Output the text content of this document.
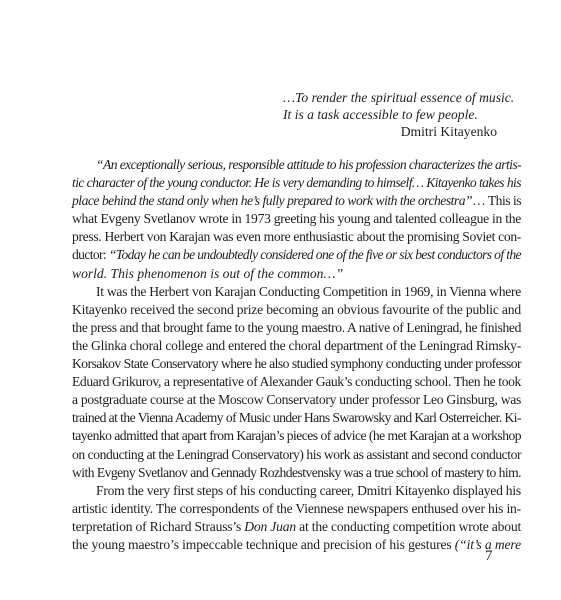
…To render the spiritual essence of music.
It is a task accessible to few people.
Dmitri Kitayenko
“An exceptionally serious, responsible attitude to his profession characterizes the artis-
tic character of the young conductor. He is very demanding to himself… Kitayenko takes his
place behind the stand only when he’s fully prepared to work with the orchestra”… This is
what Evgeny Svetlanov wrote in 1973 greeting his young and talented colleague in the
press. Herbert von Karajan was even more enthusiastic about the promising Soviet con-
ductor: “Today he can be undoubtedly considered one of the five or six best conductors of the
world. This phenomenon is out of the common…”
It was the Herbert von Karajan Conducting Competition in 1969, in Vienna where
Kitayenko received the second prize becoming an obvious favourite of the public and
the press and that brought fame to the young maestro. A native of Leningrad, he finished
the Glinka choral college and entered the choral department of the Leningrad Rimsky-
Korsakov State Conservatory where he also studied symphony conducting under professor
Eduard Grikurov, a representative of Alexander Gauk’s conducting school. Then he took
a postgraduate course at the Moscow Conservatory under professor Leo Ginsburg, was
trained at the Vienna Academy of Music under Hans Swarowsky and Karl Osterreicher. Ki-
tayenko admitted that apart from Karajan’s pieces of advice (he met Karajan at a workshop
on conducting at the Leningrad Conservatory) his work as assistant and second conductor
with Evgeny Svetlanov and Gennady Rozhdestvensky was a true school of mastery to him.
From the very first steps of his conducting career, Dmitri Kitayenko displayed his
artistic identity. The correspondents of the Viennese newspapers enthused over his in-
terpretation of Richard Strauss’s Don Juan at the conducting competition wrote about
the young maestro’s impeccable technique and precision of his gestures (“it’s a mere
7
